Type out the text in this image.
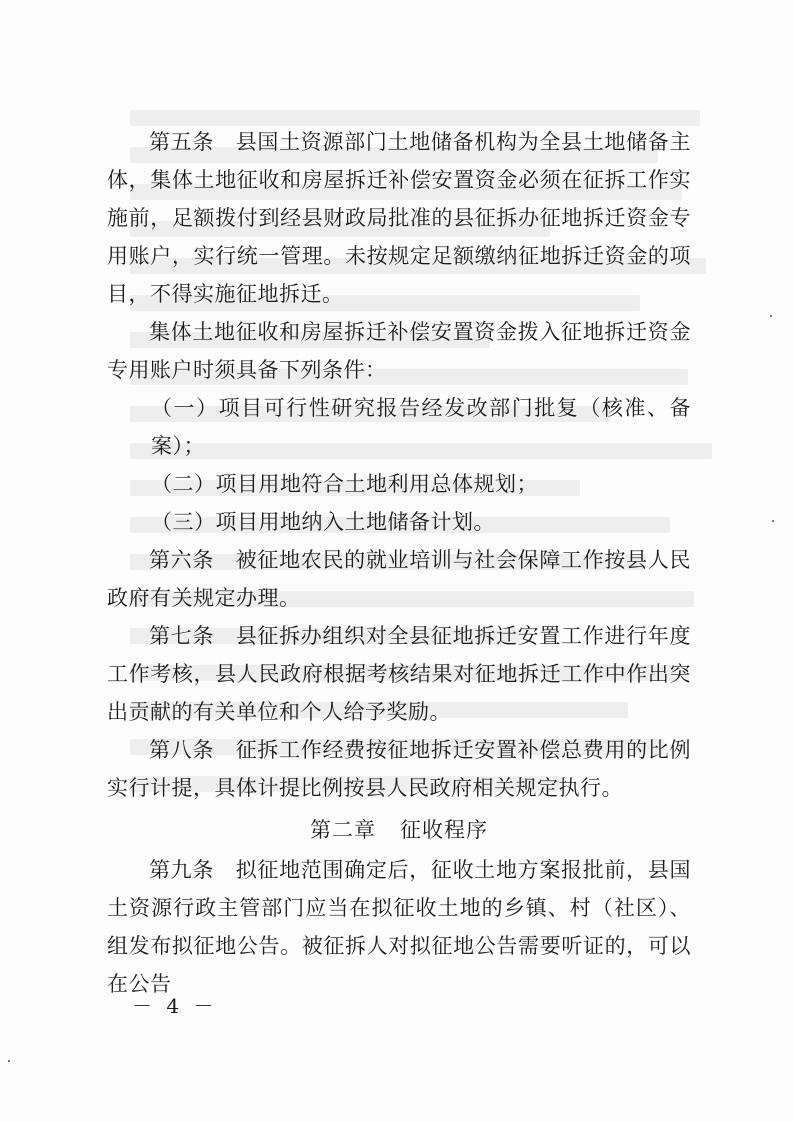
第五条　县国土资源部门土地储备机构为全县土地储备主体，集体土地征收和房屋拆迁补偿安置资金必须在征拆工作实施前，足额拨付到经县财政局批准的县征拆办征地拆迁资金专用账户，实行统一管理。未按规定足额缴纳征地拆迁资金的项目，不得实施征地拆迁。

集体土地征收和房屋拆迁补偿安置资金拨入征地拆迁资金专用账户时须具备下列条件：

（一）项目可行性研究报告经发改部门批复（核准、备案）；

（二）项目用地符合土地利用总体规划；

（三）项目用地纳入土地储备计划。

第六条　被征地农民的就业培训与社会保障工作按县人民政府有关规定办理。

第七条　县征拆办组织对全县征地拆迁安置工作进行年度工作考核，县人民政府根据考核结果对征地拆迁工作中作出突出贡献的有关单位和个人给予奖励。

第八条　征拆工作经费按征地拆迁安置补偿总费用的比例实行计提，具体计提比例按县人民政府相关规定执行。

第二章 征收程序

第九条　拟征地范围确定后，征收土地方案报批前，县国土资源行政主管部门应当在拟征收土地的乡镇、村（社区）、组发布拟征地公告。被征拆人对拟征地公告需要听证的，可以在公告

－ 4 －
